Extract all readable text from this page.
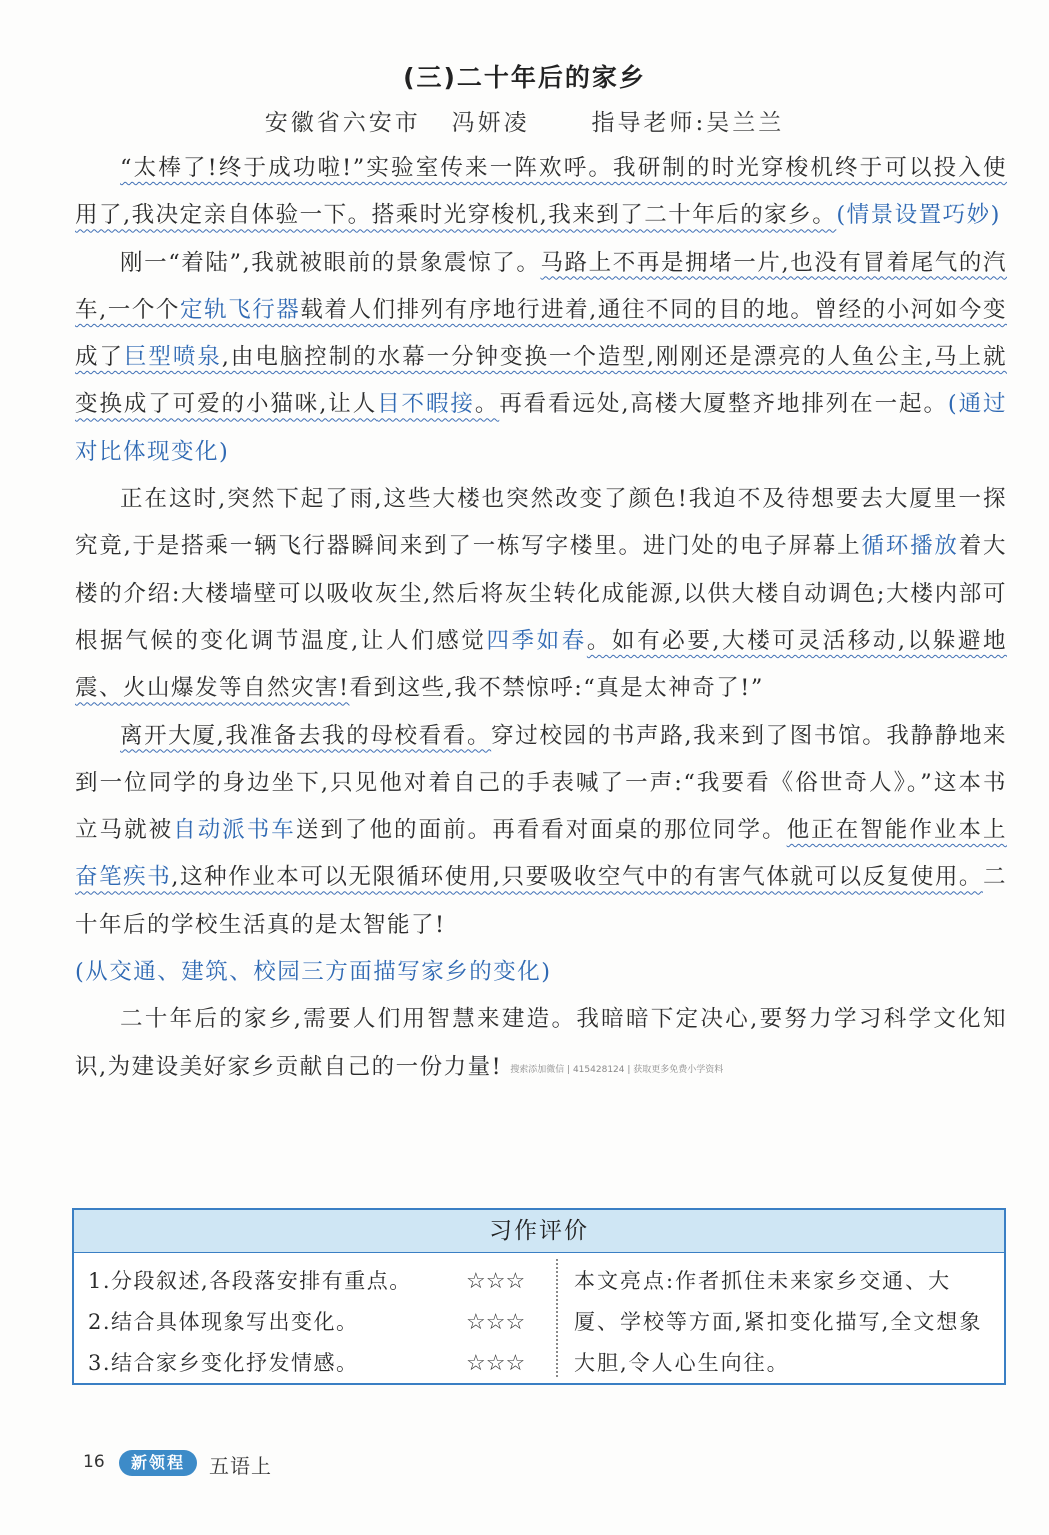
(三)二十年后的家乡
安徽省六安市   冯妍凌      指导老师:吴兰兰

“太棒了!终于成功啦!”实验室传来一阵欢呼。我研制的时光穿梭机终于可以投入使用了,我决定亲自体验一下。搭乘时光穿梭机,我来到了二十年后的家乡。(情景设置巧妙)

刚一“着陆”,我就被眼前的景象震惊了。马路上不再是拥堵一片,也没有冒着尾气的汽车,一个个定轨飞行器载着人们排列有序地行进着,通往不同的目的地。曾经的小河如今变成了巨型喷泉,由电脑控制的水幕一分钟变换一个造型,刚刚还是漂亮的人鱼公主,马上就变换成了可爱的小猫咪,让人目不暇接。再看看远处,高楼大厦整齐地排列在一起。(通过对比体现变化)

正在这时,突然下起了雨,这些大楼也突然改变了颜色!我迫不及待想要去大厦里一探究竟,于是搭乘一辆飞行器瞬间来到了一栋写字楼里。进门处的电子屏幕上循环播放着大楼的介绍:大楼墙壁可以吸收灰尘,然后将灰尘转化成能源,以供大楼自动调色;大楼内部可根据气候的变化调节温度,让人们感觉四季如春。如有必要,大楼可灵活移动,以躲避地震、火山爆发等自然灾害!看到这些,我不禁惊呼:“真是太神奇了!”

离开大厦,我准备去我的母校看看。穿过校园的书声路,我来到了图书馆。我静静地来到一位同学的身边坐下,只见他对着自己的手表喊了一声:“我要看《俗世奇人》。”这本书立马就被自动派书车送到了他的面前。再看看对面桌的那位同学。他正在智能作业本上奋笔疾书,这种作业本可以无限循环使用,只要吸收空气中的有害气体就可以反复使用。二十年后的学校生活真的是太智能了!

(从交通、建筑、校园三方面描写家乡的变化)

二十年后的家乡,需要人们用智慧来建造。我暗暗下定决心,要努力学习科学文化知识,为建设美好家乡贡献自己的一份力量! 搜索添加微信 | 415428124 | 获取更多免费小学资料

习作评价
1.分段叙述,各段落安排有重点。 ☆☆☆
2.结合具体现象写出变化。	☆☆☆
3.结合家乡变化抒发情感。	☆☆☆
本文亮点:作者抓住未来家乡交通、大厦、学校等方面,紧扣变化描写,全文想象大胆,令人心生向往。
16	新领程	五语上
